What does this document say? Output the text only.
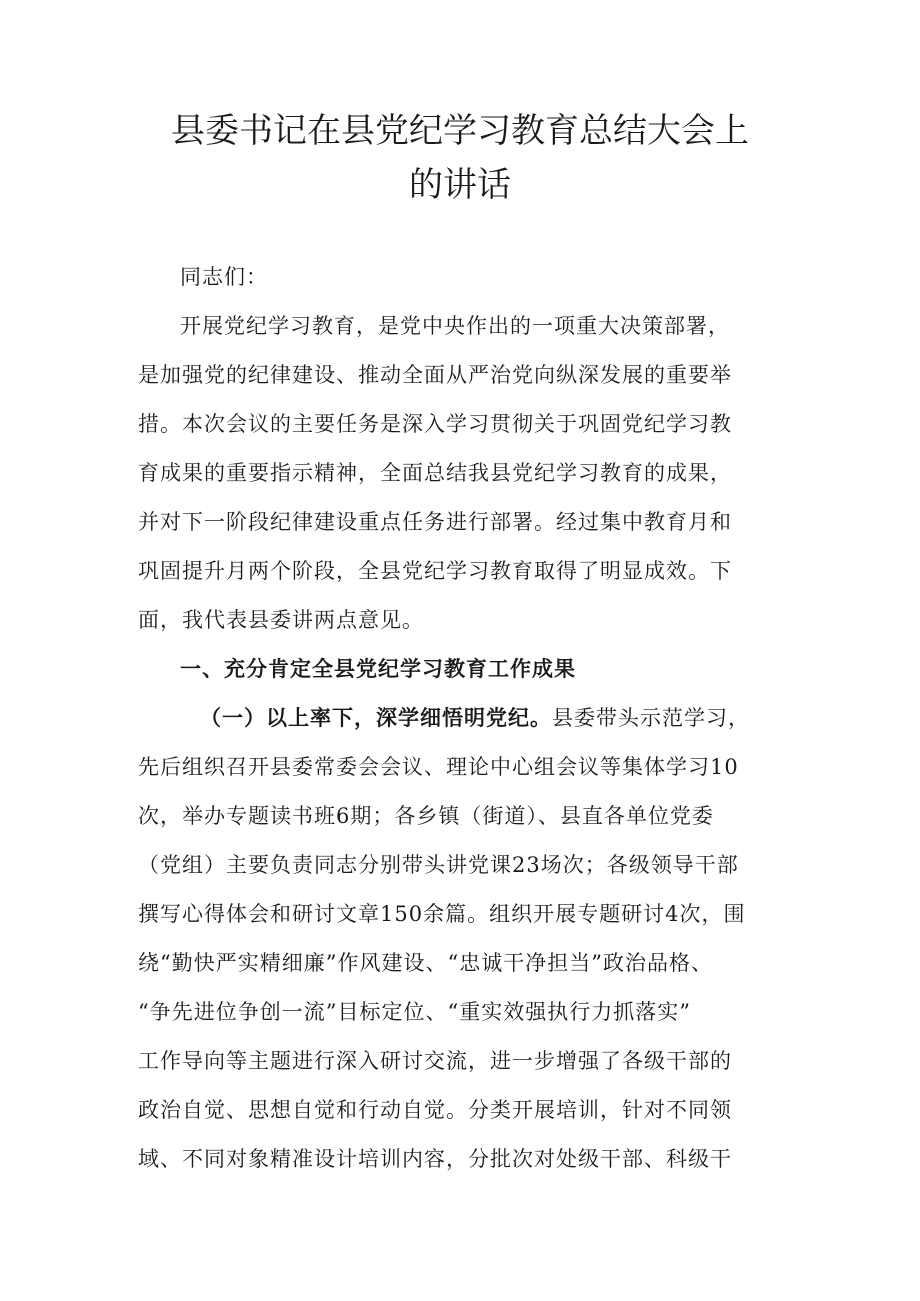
县委书记在县党纪学习教育总结大会上
的讲话
同志们：
开展党纪学习教育，是党中央作出的一项重大决策部署，
是加强党的纪律建设、推动全面从严治党向纵深发展的重要举
措。本次会议的主要任务是深入学习贯彻关于巩固党纪学习教
育成果的重要指示精神，全面总结我县党纪学习教育的成果，
并对下一阶段纪律建设重点任务进行部署。经过集中教育月和
巩固提升月两个阶段，全县党纪学习教育取得了明显成效。下
面，我代表县委讲两点意见。
一、充分肯定全县党纪学习教育工作成果
（一）以上率下，深学细悟明党纪。县委带头示范学习，
先后组织召开县委常委会会议、理论中心组会议等集体学习10
次，举办专题读书班6期；各乡镇（街道）、县直各单位党委
（党组）主要负责同志分别带头讲党课23场次；各级领导干部
撰写心得体会和研讨文章150余篇。组织开展专题研讨4次，围
绕“勤快严实精细廉”作风建设、“忠诚干净担当”政治品格、
“争先进位争创一流”目标定位、“重实效强执行力抓落实”
工作导向等主题进行深入研讨交流，进一步增强了各级干部的
政治自觉、思想自觉和行动自觉。分类开展培训，针对不同领
域、不同对象精准设计培训内容，分批次对处级干部、科级干
